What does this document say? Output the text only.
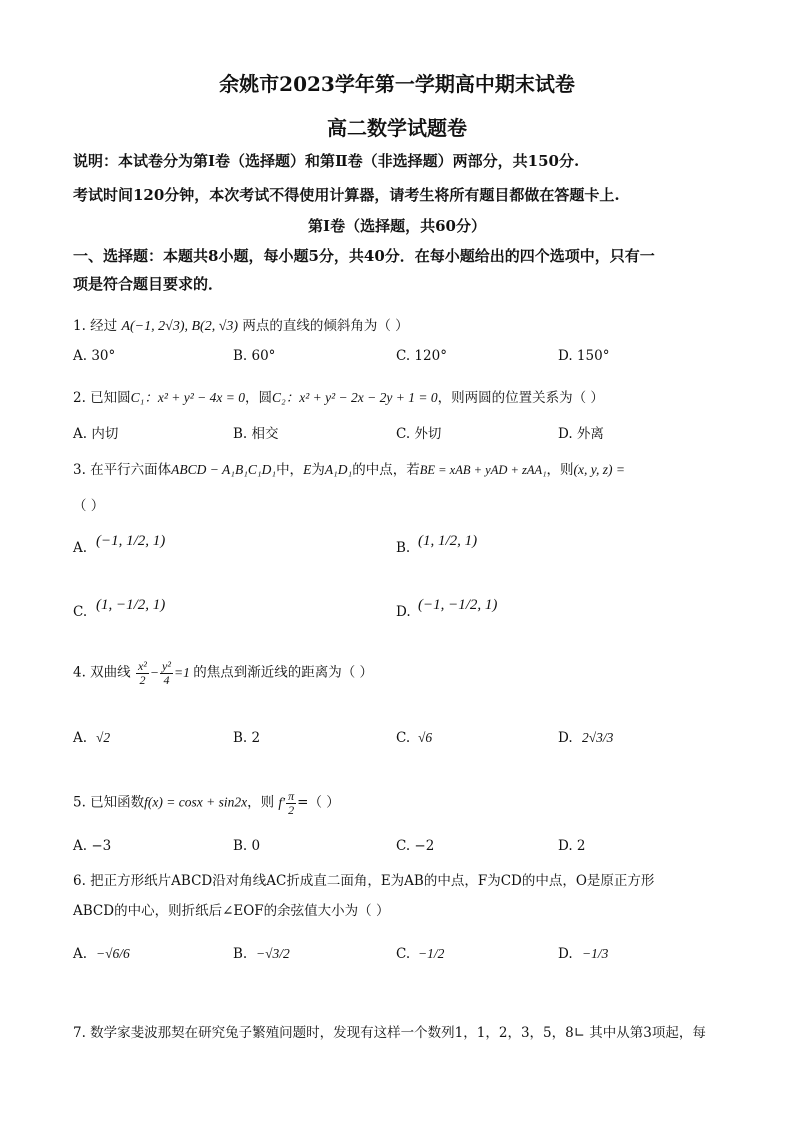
余姚市2023学年第一学期高中期末试卷
高二数学试题卷
说明：本试卷分为第Ⅰ卷（选择题）和第Ⅱ卷（非选择题）两部分，共150分.
考试时间120分钟，本次考试不得使用计算器，请考生将所有题目都做在答题卡上.
第Ⅰ卷（选择题，共60分）
一、选择题：本题共8小题，每小题5分，共40分．在每小题给出的四个选项中，只有一
项是符合题目要求的．
1. 经过 A(−1, 2√3), B(2, √3) 两点的直线的倾斜角为（ ）
A. 30°	B. 60°	C. 120°	D. 150°
2. 已知圆C₁：x² + y² − 4x = 0，圆C₂：x² + y² − 2x − 2y + 1 = 0，则两圆的位置关系为（ ）
A. 内切	B. 相交	C. 外切	D. 外离
3. 在平行六面体ABCD − A₁B₁C₁D₁中，E为A₁D₁的中点，若BE = xAB + yAD + zAA₁，则(x, y, z) =
（ ）
A. (−1, 1/2, 1)	B. (1, 1/2, 1)
C. (1, −1/2, 1)	D. (−1, −1/2, 1)
4. 双曲线 $\frac{\text{x²}}{2} - \frac{\text{y²}}{4} =1$ 的焦点到渐近线的距离为（ ）
A. √2	B. 2	C. √6	D. 2√3/3
5. 已知函数f(x) = cosx + sin2x，则 $f' \frac{\pi}{2}$ =（ ）
A. −3	B. 0	C. −2	D. 2
6. 把正方形纸片ABCD沿对角线AC折成直二面角，E为AB的中点，F为CD的中点，O是原正方形
ABCD的中心，则折纸后∠EOF的余弦值大小为（ ）
A. −√6/6	B. −√3/2	C. −1/2	D. −1/3
7. 数学家斐波那契在研究兔子繁殖问题时，发现有这样一个数列1，1，2，3，5，8∟ 其中从第3项起，每
